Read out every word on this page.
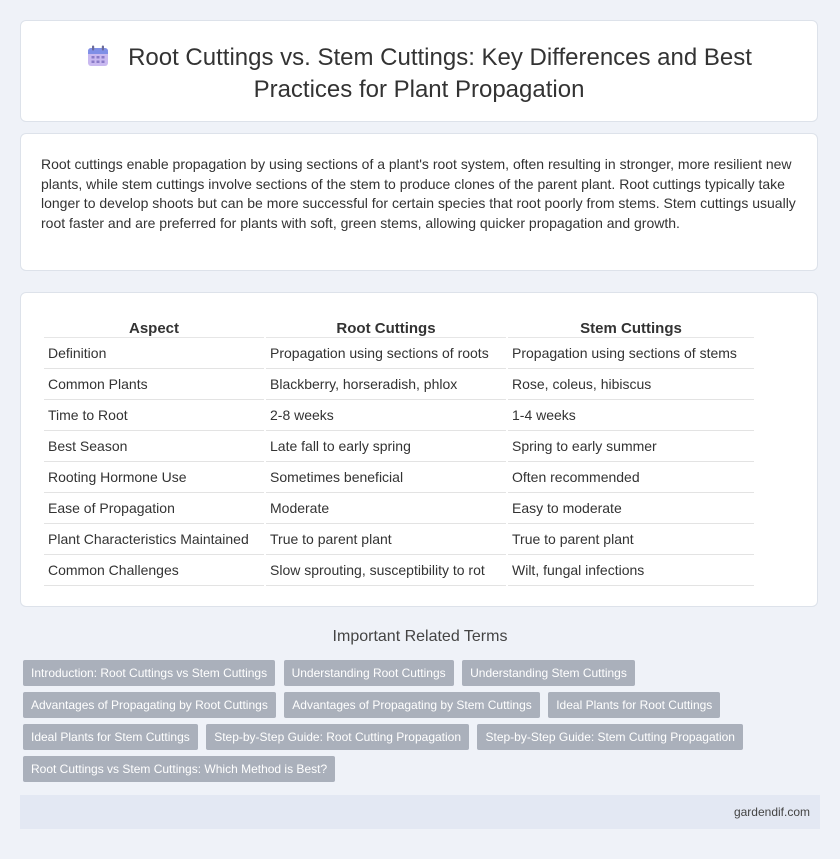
Root Cuttings vs. Stem Cuttings: Key Differences and Best
Practices for Plant Propagation

Root cuttings enable propagation by using sections of a plant's root system, often resulting in stronger, more resilient new plants, while stem cuttings involve sections of the stem to produce clones of the parent plant. Root cuttings typically take longer to develop shoots but can be more successful for certain species that root poorly from stems. Stem cuttings usually root faster and are preferred for plants with soft, green stems, allowing quicker propagation and growth.

Aspect	Root Cuttings	Stem Cuttings
Definition	Propagation using sections of roots	Propagation using sections of stems
Common Plants	Blackberry, horseradish, phlox	Rose, coleus, hibiscus
Time to Root	2-8 weeks	1-4 weeks
Best Season	Late fall to early spring	Spring to early summer
Rooting Hormone Use	Sometimes beneficial	Often recommended
Ease of Propagation	Moderate	Easy to moderate
Plant Characteristics Maintained	True to parent plant	True to parent plant
Common Challenges	Slow sprouting, susceptibility to rot	Wilt, fungal infections
Important Related Terms
Introduction: Root Cuttings vs Stem Cuttings Understanding Root Cuttings Understanding Stem Cuttings Advantages of Propagating by Root Cuttings Advantages of Propagating by Stem Cuttings Ideal Plants for Root Cuttings Ideal Plants for Stem Cuttings Step-by-Step Guide: Root Cutting Propagation Step-by-Step Guide: Stem Cutting Propagation Root Cuttings vs Stem Cuttings: Which Method is Best?
gardendif.com
